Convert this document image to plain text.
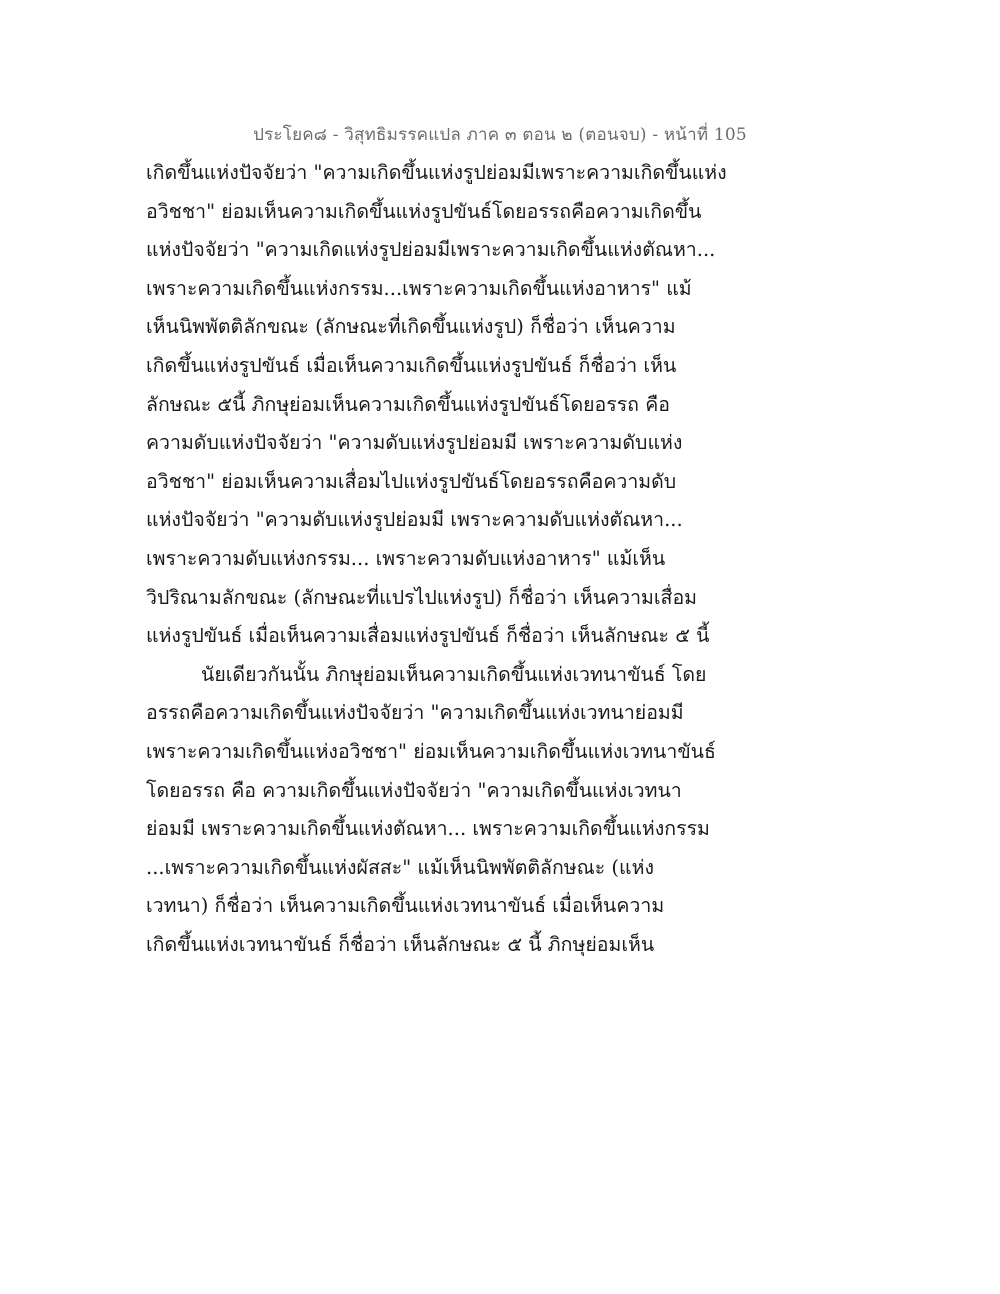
ประโยค๘ - วิสุทธิมรรคแปล ภาค ๓ ตอน ๒ (ตอนจบ) - หน้าที่ 105
เกิดขึ้นแห่งปัจจัยว่า "ความเกิดขึ้นแห่งรูปย่อมมีเพราะความเกิดขึ้นแห่ง
อวิชชา" ย่อมเห็นความเกิดขึ้นแห่งรูปขันธ์โดยอรรถคือความเกิดขึ้น
แห่งปัจจัยว่า "ความเกิดแห่งรูปย่อมมีเพราะความเกิดขึ้นแห่งตัณหา...
เพราะความเกิดขึ้นแห่งกรรม...เพราะความเกิดขึ้นแห่งอาหาร" แม้
เห็นนิพพัตติลักขณะ (ลักษณะที่เกิดขึ้นแห่งรูป) ก็ชื่อว่า เห็นความ
เกิดขึ้นแห่งรูปขันธ์ เมื่อเห็นความเกิดขึ้นแห่งรูปขันธ์ ก็ชื่อว่า เห็น
ลักษณะ ๕นี้ ภิกษุย่อมเห็นความเกิดขึ้นแห่งรูปขันธ์โดยอรรถ คือ
ความดับแห่งปัจจัยว่า "ความดับแห่งรูปย่อมมี เพราะความดับแห่ง
อวิชชา" ย่อมเห็นความเสื่อมไปแห่งรูปขันธ์โดยอรรถคือความดับ
แห่งปัจจัยว่า "ความดับแห่งรูปย่อมมี เพราะความดับแห่งตัณหา...
เพราะความดับแห่งกรรม... เพราะความดับแห่งอาหาร" แม้เห็น
วิปริณามลักขณะ (ลักษณะที่แปรไปแห่งรูป) ก็ชื่อว่า เห็นความเสื่อม
แห่งรูปขันธ์ เมื่อเห็นความเสื่อมแห่งรูปขันธ์ ก็ชื่อว่า เห็นลักษณะ ๕ นี้
นัยเดียวกันนั้น ภิกษุย่อมเห็นความเกิดขึ้นแห่งเวทนาขันธ์ โดย
อรรถคือความเกิดขึ้นแห่งปัจจัยว่า "ความเกิดขึ้นแห่งเวทนาย่อมมี
เพราะความเกิดขึ้นแห่งอวิชชา" ย่อมเห็นความเกิดขึ้นแห่งเวทนาขันธ์
โดยอรรถ คือ ความเกิดขึ้นแห่งปัจจัยว่า "ความเกิดขึ้นแห่งเวทนา
ย่อมมี เพราะความเกิดขึ้นแห่งตัณหา... เพราะความเกิดขึ้นแห่งกรรม
...เพราะความเกิดขึ้นแห่งผัสสะ" แม้เห็นนิพพัตติลักษณะ (แห่ง
เวทนา) ก็ชื่อว่า เห็นความเกิดขึ้นแห่งเวทนาขันธ์ เมื่อเห็นความ
เกิดขึ้นแห่งเวทนาขันธ์ ก็ชื่อว่า เห็นลักษณะ ๕ นี้ ภิกษุย่อมเห็น
